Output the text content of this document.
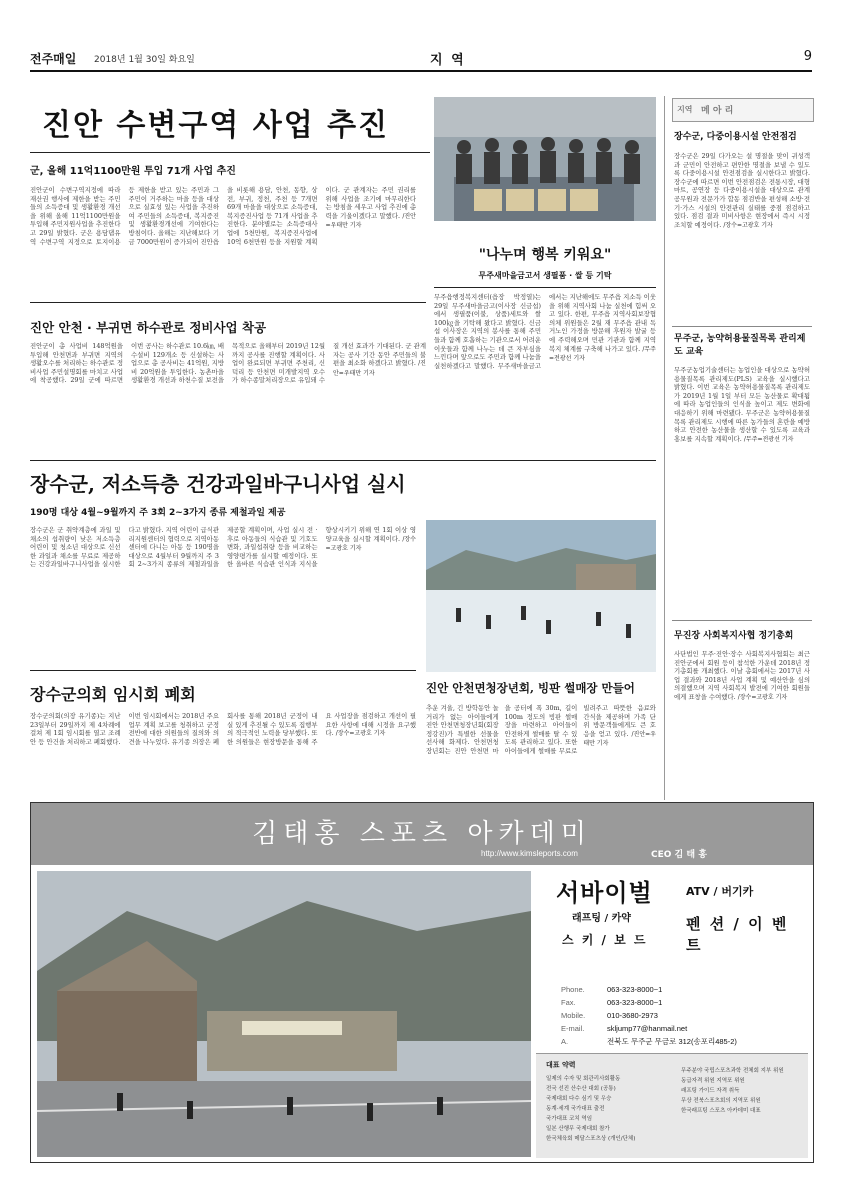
전주매일 2018년 1월 30일 화요일	지 역	9
진안 수변구역 사업 추진
군, 올해 11억1100만원 투입 71개 사업 추진
진안군이 수변구역지정에 따라 재산권 행사에 제한을 받는 주민들의 소득증대 및 생활환경 개선을 위해 올해 11억1100만원을 투입해 주민지원사업을 추진한다고 29일 밝혔다. 군은 용담댐유역 수변구역 지정으로 토지이용 등 제한을 받고 있는 주민과 그 주민이 거주하는 마을 등을 대상으로 실효성 있는 사업을 추진하여 주민들의 소득증대, 복지증진 및 생활환경개선에 기여한다는 방침이다. 올해는 지난해보다 기금 7000만원이 증가되어 진안읍을 비롯해 용담, 안천, 동향, 상전, 부귀, 정천, 주천 등 7개면 69개 마을을 대상으로 소득증대, 복지증진사업 등 71개 사업을 추진한다. 분야별로는 소득증대사업에 5천만원, 복지증진사업에 10억 6천만원 등을 지원할 계획이다. 군 관계자는 주민 권리를 위해 사업을 조기에 마무리한다는 방침을 세우고 사업 추진에 총력을 기울이겠다고 말했다. /진안=우태만 기자
"나누며 행복 키워요"
무주새마을금고서 생필품 · 쌀 등 기탁
무주읍행정복지센터(읍장 박정열)는 29일 무주새마을금고(이사장 신금섭)에서 생필품(이불, 상품)세트와 쌀 100㎏을 기탁해 왔다고 밝혔다. 신금섭 이사장은 지역의 봉사를 통해 주민들과 함께 호흡하는 기관으로서 어려운 이웃들과 함께 나누는 데 큰 자부심을 느낀다며 앞으로도 주민과 함께 나눔을 실천하겠다고 말했다. 무주새마을금고에서는 지난해에도 무주읍 지소득 이웃을 위해 지역사회 나눔 실천에 힘써 오고 있다. 한편, 무주읍 지역사회보장협의체 위원들은 2월 재 무주읍 관내 독거노인 가정을 방문해 후원자 발굴 등에 주력해오며 민관 기관과 함께 지역 복지 체계를 구축해 나가고 있다. /무주=전광선 기자
진안 안천 · 부귀면 하수관로 정비사업 착공
진안군이 총 사업비 148억원을 투입해 안천면과 부귀면 지역의 생활오수를 처리하는 하수관로 정비사업 주민설명회를 마치고 사업에 착공했다. 29일 군에 따르면 이번 공사는 하수관로 10.6㎞, 배수설비 129개소 등 신설하는 사업으로 총 공사비는 41억원, 지방비 20억원을 투입한다. 농촌마을 생활환경 개선과 하천수질 보전을 목적으로 올해부터 2019년 12월까지 공사를 진행할 계획이다. 사업이 완료되면 부귀면 주천리, 신덕리 등 안천면 미개발지역 오수가 하수종말처리장으로 유입돼 수질 개선 효과가 기대된다. 군 관계자는 공사 기간 동안 주민들의 불편을 최소화 하겠다고 밝혔다. /진안=우태만 기자
장수군, 저소득층 건강과일바구니사업 실시
190명 대상 4월~9월까지 주 3회 2~3가지 종류 제철과일 제공
장수군은 군 취약계층에 과일 및 채소의 섭취량이 낮은 저소득층 어린이 및 청소년 대상으로 신선한 과일과 채소를 무료로 제공하는 건강과일바구니사업을 실시한다고 밝혔다. 지역 어린이 급식관리지원센터의 협력으로 지역아동센터에 다니는 아동 등 190명을 대상으로 4월부터 9월까지 주 3회 2~3가지 종류의 제철과일을 제공할 계획이며, 사업 실시 전 · 후로 아동들의 식습관 및 기호도 변화, 과일섭취량 등을 비교하는 영양평가를 실시할 예정이다. 또한 올바른 식습관 인식과 지식을 향상시키기 위해 연 1회 이상 영양교육을 실시할 계획이다. /장수=고광호 기자
진안 안천면청장년회, 빙판 썰매장 만들어
추운 겨울, 긴 방학동안 놀거리가 없는 아이들에게 진안 안천면청장년회(회장 정강진)가 특별한 선물을 선사해 화제다. 안천면청장년회는 진안 안천면 마을 공터에 폭 30m, 길이 100m 정도의 빙판 썰매장을 마련하고 아이들이 안전하게 썰매를 탈 수 있도록 관리하고 있다. 또한 아이들에게 썰매를 무료로 빌려주고 따뜻한 음료와 간식을 제공하며 가족 단위 방문객들에게도 큰 호응을 얻고 있다. /진안=우태만 기자
장수군의회 임시회 폐회
장수군의회(의장 유기종)는 지난 23일부터 29일까지 제 4차례에 걸쳐 제 1회 임시회를 열고 조례안 등 안건을 처리하고 폐회했다. 이번 임시회에서는 2018년 주요업무 계획 보고를 청취하고 군정 전반에 대한 의원들의 질의와 의견을 나누었다. 유기종 의장은 폐회사를 통해 2018년 군정이 내실 있게 추진될 수 있도록 집행부의 적극적인 노력을 당부했다. 또한 의원들은 현장방문을 통해 주요 사업장을 점검하고 개선이 필요한 사항에 대해 시정을 요구했다. /장수=고광호 기자
지역 메 아 리
장수군, 다중이용시설 안전점검
장수군은 29일 다가오는 설 명절을 맞이 귀성객과 군민이 안전하고 편안한 명절을 보낼 수 있도록 다중이용시설 안전점검을 실시한다고 밝혔다. 장수군에 따르면 이번 안전점검은 전통시장, 대형마트, 공연장 등 다중이용시설을 대상으로 관계 공무원과 전문가가 합동 점검반을 편성해 소방·전기·가스 시설의 안전관리 실태를 중점 점검하고 있다. 점검 결과 미비사항은 현장에서 즉시 시정 조치할 예정이다. /장수=고광호 기자
무주군, 농약허용물질목록 관리제도 교육
무주군농업기술센터는 농업인을 대상으로 농약허용물질목록 관리제도(PLS) 교육을 실시했다고 밝혔다. 이번 교육은 농약허용물질목록 관리제도가 2019년 1월 1일 부터 모든 농산물로 확대됨에 따라 농업인들의 인식을 높이고 제도 변화에 대응하기 위해 마련됐다. 무주군은 농약허용물질목록 관리제도 시행에 따른 농가들의 혼란을 예방하고 안전한 농산물을 생산할 수 있도록 교육과 홍보를 지속할 계획이다. /무주=전광선 기자
무진장 사회복지사협 정기총회
사단법인 무주·진안·장수 사회복지사협회는 최근 진안군에서 회원 등이 참석한 가운데 2018년 정기총회를 개최했다. 이날 총회에서는 2017년 사업 결과와 2018년 사업 계획 및 예산안을 심의 의결했으며 지역 사회복지 발전에 기여한 회원들에게 표창을 수여했다. /장수=고광호 기자
김태홍 스포츠 아카데미
http://www.kimsleports.com	CEO 김 태 홍
서바이벌	ATV / 버기카
래프팅 / 카약
스 키 / 보 드
펜 션 / 이 벤 트
Phone.	063-323-8000~1
Fax.	063-323-8000~1
Mobile.	010-3680-2973
E-mail.	skljump77@hanmail.net
A.	전북도 무주군 무금로 312(송포리485-2)
대표 약력
일제의 수자 및 회관리사회활동
전국 선진 산수산 대회 (공통)
국제대회 다수 심기 및 우승
동계·세계 국가대표 출전
국가대표 코치 역임
일본 산행무 국제대회 참가
한국체육회 메달스포츠상 (개인/단체)
무주분야 국립스포츠과학 전체회 지부 위원
동급자격 위원 지역포 위원
래프팅 가이드 자격 취득
무상 전북스포츠회의 지역포 위원
한국래프팅 스포츠 아카데미 대표
